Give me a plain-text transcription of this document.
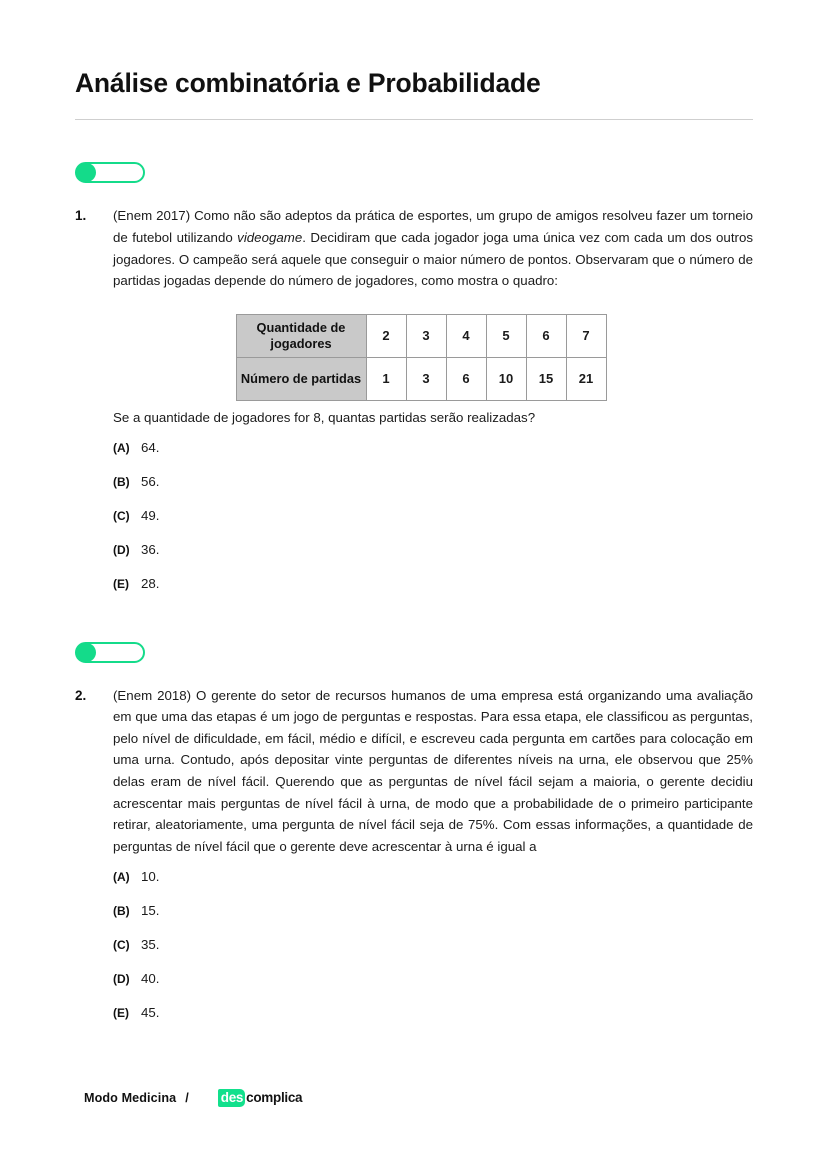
Análise combinatória e Probabilidade
1.	(Enem 2017) Como não são adeptos da prática de esportes, um grupo de amigos resolveu fazer um torneio de futebol utilizando videogame. Decidiram que cada jogador joga uma única vez com cada um dos outros jogadores. O campeão será aquele que conseguir o maior número de pontos. Observaram que o número de partidas jogadas depende do número de jogadores, como mostra o quadro:

Quantidade de jogadores	2	3	4	5	6	7
Número de partidas	1	3	6	10	15	21

Se a quantidade de jogadores for 8, quantas partidas serão realizadas?

(A) 64.
(B) 56.
(C) 49.
(D) 36.
(E) 28.
2.	(Enem 2018) O gerente do setor de recursos humanos de uma empresa está organizando uma avaliação em que uma das etapas é um jogo de perguntas e respostas. Para essa etapa, ele classificou as perguntas, pelo nível de dificuldade, em fácil, médio e difícil, e escreveu cada pergunta em cartões para colocação em uma urna. Contudo, após depositar vinte perguntas de diferentes níveis na urna, ele observou que 25% delas eram de nível fácil. Querendo que as perguntas de nível fácil sejam a maioria, o gerente decidiu acrescentar mais perguntas de nível fácil à urna, de modo que a probabilidade de o primeiro participante retirar, aleatoriamente, uma pergunta de nível fácil seja de 75%. Com essas informações, a quantidade de perguntas de nível fácil que o gerente deve acrescentar à urna é igual a

(A) 10.
(B) 15.
(C) 35.
(D) 40.
(E) 45.
Modo Medicina / des complica
